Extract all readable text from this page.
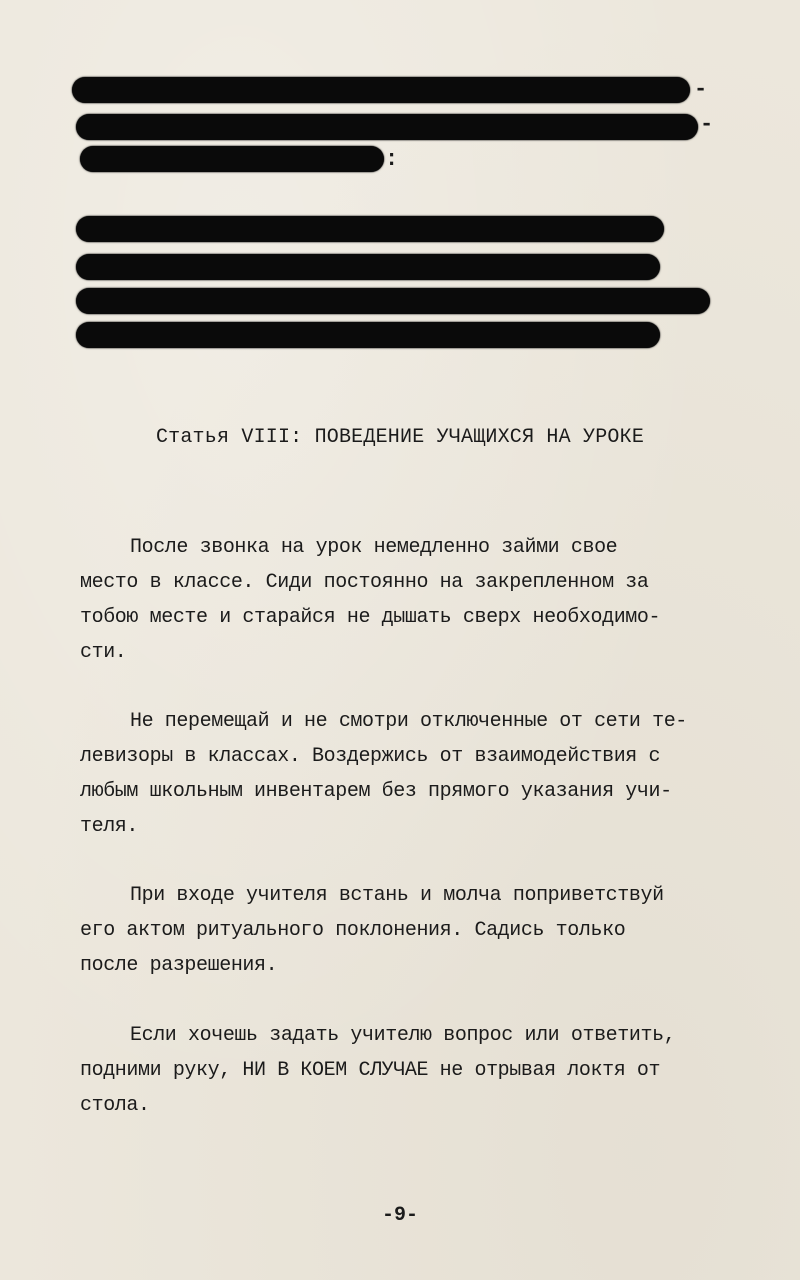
-
-
:
Статья VIII: ПОВЕДЕНИЕ УЧАЩИХСЯ НА УРОКЕ
После звонка на урок немедленно займи свое
место в классе. Сиди постоянно на закрепленном за
тобою месте и старайся не дышать сверх необходимо-
сти.
Не перемещай и не смотри отключенные от сети те-
левизоры в классах. Воздержись от взаимодействия с
любым школьным инвентарем без прямого указания учи-
теля.
При входе учителя встань и молча поприветствуй
его актом ритуального поклонения. Садись только
после разрешения.
Если хочешь задать учителю вопрос или ответить,
подними руку, НИ В КОЕМ СЛУЧАЕ не отрывая локтя от
стола.
-9-
